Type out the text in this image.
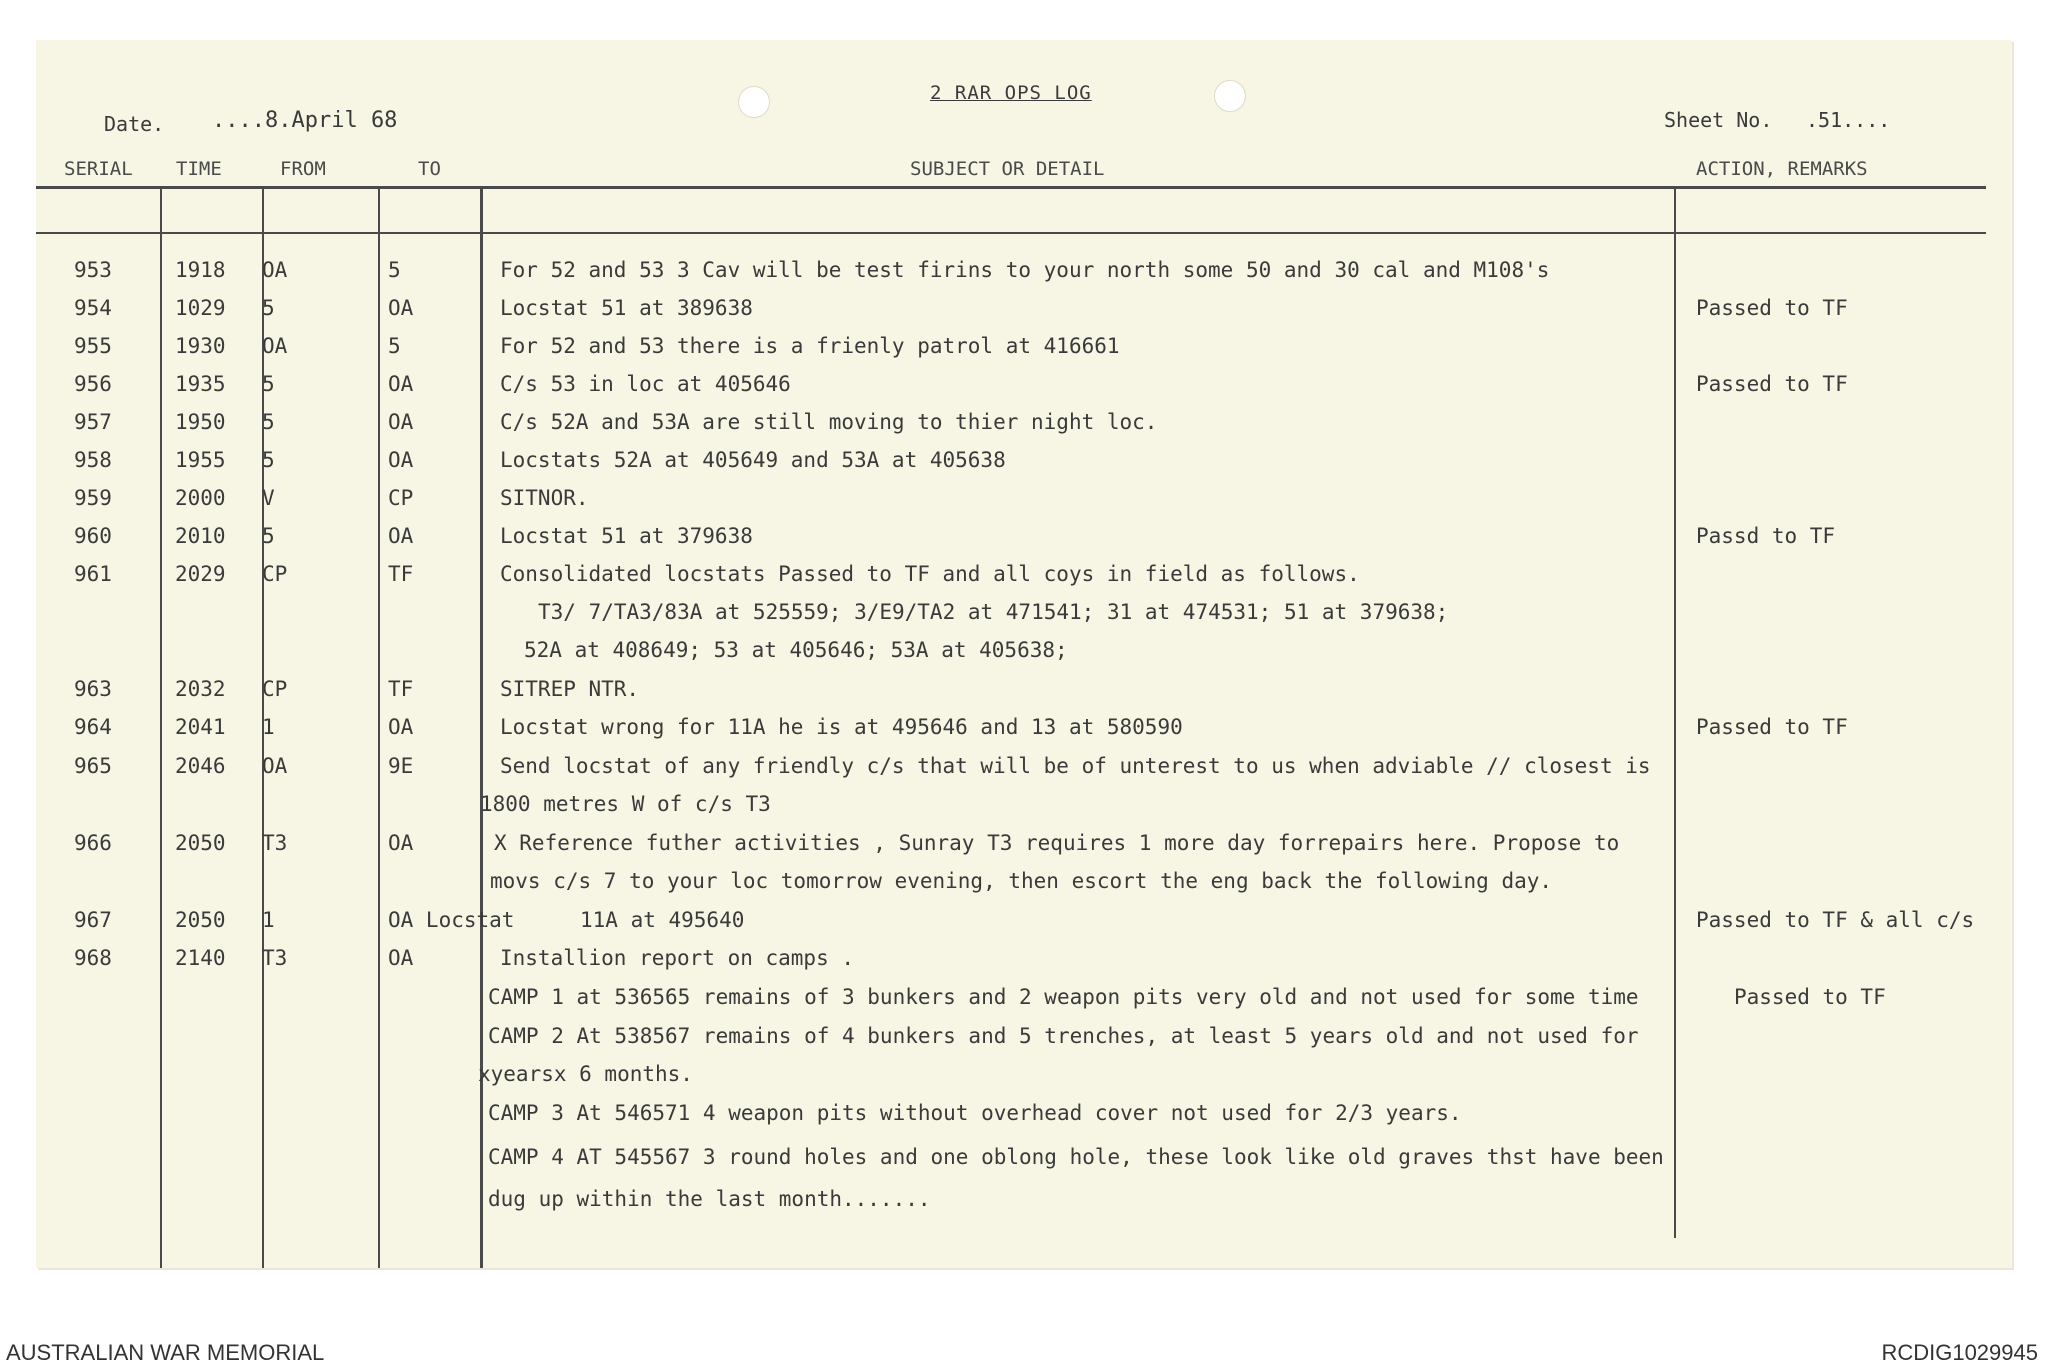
2 RAR OPS LOG
Date. ....8.April 68	Sheet No. .51....
SERIAL TIME	FROM	TO	SUBJECT OR DETAIL	ACTION, REMARKS
953	1918 OA	5	For 52 and 53 3 Cav will be test firins to your north some 50 and 30 cal and M108's
954	1029 5	OA	Locstat 51 at 389638	Passed to TF
955	1930 OA	5	For 52 and 53 there is a frienly patrol at 416661
956	1935 5	OA	C/s 53 in loc at 405646	Passed to TF
957	1950 5	OA	C/s 52A and 53A are still moving to thier night loc.
958	1955 5	OA	Locstats 52A at 405649 and 53A at 405638
959	2000 V	CP	SITNOR.
960	2010 5	OA	Locstat 51 at 379638	Passd to TF
961	2029 CP	TF	Consolidated locstats Passed to TF and all coys in field as follows.
T3/ 7/TA3/83A at 525559; 3/E9/TA2 at 471541; 31 at 474531; 51 at 379638;
52A at 408649; 53 at 405646; 53A at 405638;
963	2032 CP	TF	SITREP NTR.
964	2041 1	OA	Locstat wrong for 11A he is at 495646 and 13 at 580590	Passed to TF
965	2046 OA	9E	Send locstat of any friendly c/s that will be of unterest to us when adviable // closest is
1800 metres W of c/s T3
966	2050 T3	OA	X Reference futher activities , Sunray T3 requires 1 more day forrepairs here. Propose to
movs c/s 7 to your loc tomorrow evening, then escort the eng back the following day.
967	2050 1	OA Locstat	11A at 495640	Passed to TF & all c/s
968	2140 T3	OA	Installion report on camps .
CAMP 1 at 536565 remains of 3 bunkers and 2 weapon pits very old and not used for some time	Passed to TF
CAMP 2 At 538567 remains of 4 bunkers and 5 trenches, at least 5 years old and not used for
xyearsx 6 months.
CAMP 3 At 546571 4 weapon pits without overhead cover not used for 2/3 years.
CAMP 4 AT 545567 3 round holes and one oblong hole, these look like old graves thst have been
dug up within the last month.......
AUSTRALIAN WAR MEMORIAL	RCDIG1029945
